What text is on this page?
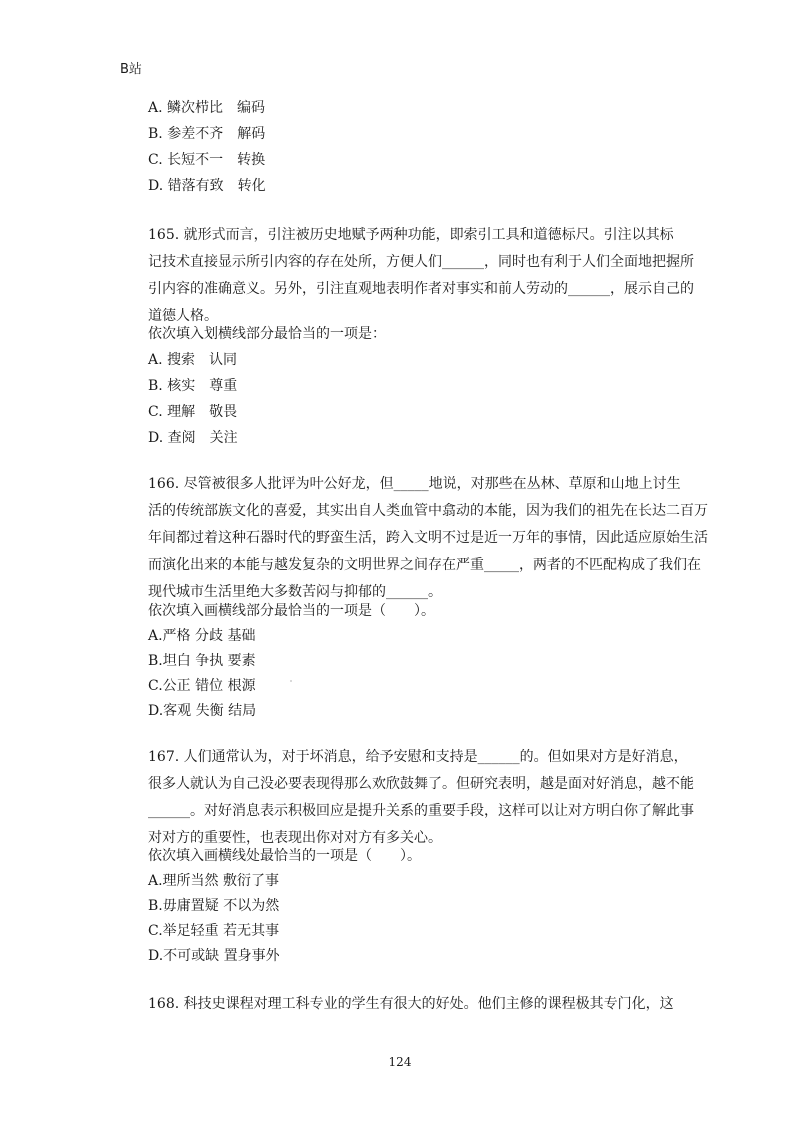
B站
A. 鳞次栉比　编码
B. 参差不齐　解码
C. 长短不一　转换
D. 错落有致　转化
165. 就形式而言，引注被历史地赋予两种功能，即索引工具和道德标尺。引注以其标
记技术直接显示所引内容的存在处所，方便人们______，同时也有利于人们全面地把握所
引内容的准确意义。另外，引注直观地表明作者对事实和前人劳动的______，展示自己的
道德人格。
依次填入划横线部分最恰当的一项是：
A. 搜索　认同
B. 核实　尊重
C. 理解　敬畏
D. 查阅　关注
166. 尽管被很多人批评为叶公好龙，但_____地说，对那些在丛林、草原和山地上讨生
活的传统部族文化的喜爱，其实出自人类血管中翕动的本能，因为我们的祖先在长达二百万
年间都过着这种石器时代的野蛮生活，跨入文明不过是近一万年的事情，因此适应原始生活
而演化出来的本能与越发复杂的文明世界之间存在严重_____，两者的不匹配构成了我们在
现代城市生活里绝大多数苦闷与抑郁的______。
依次填入画横线部分最恰当的一项是（　　）。
A.严格 分歧 基础
B.坦白 争执 要素
C.公正 错位 根源
D.客观 失衡 结局
167. 人们通常认为，对于坏消息，给予安慰和支持是______的。但如果对方是好消息，
很多人就认为自己没必要表现得那么欢欣鼓舞了。但研究表明，越是面对好消息，越不能
______。对好消息表示积极回应是提升关系的重要手段，这样可以让对方明白你了解此事
对对方的重要性，也表现出你对对方有多关心。
依次填入画横线处最恰当的一项是（　　）。
A.理所当然 敷衍了事
B.毋庸置疑 不以为然
C.举足轻重 若无其事
D.不可或缺 置身事外
168. 科技史课程对理工科专业的学生有很大的好处。他们主修的课程极其专门化，这
124
